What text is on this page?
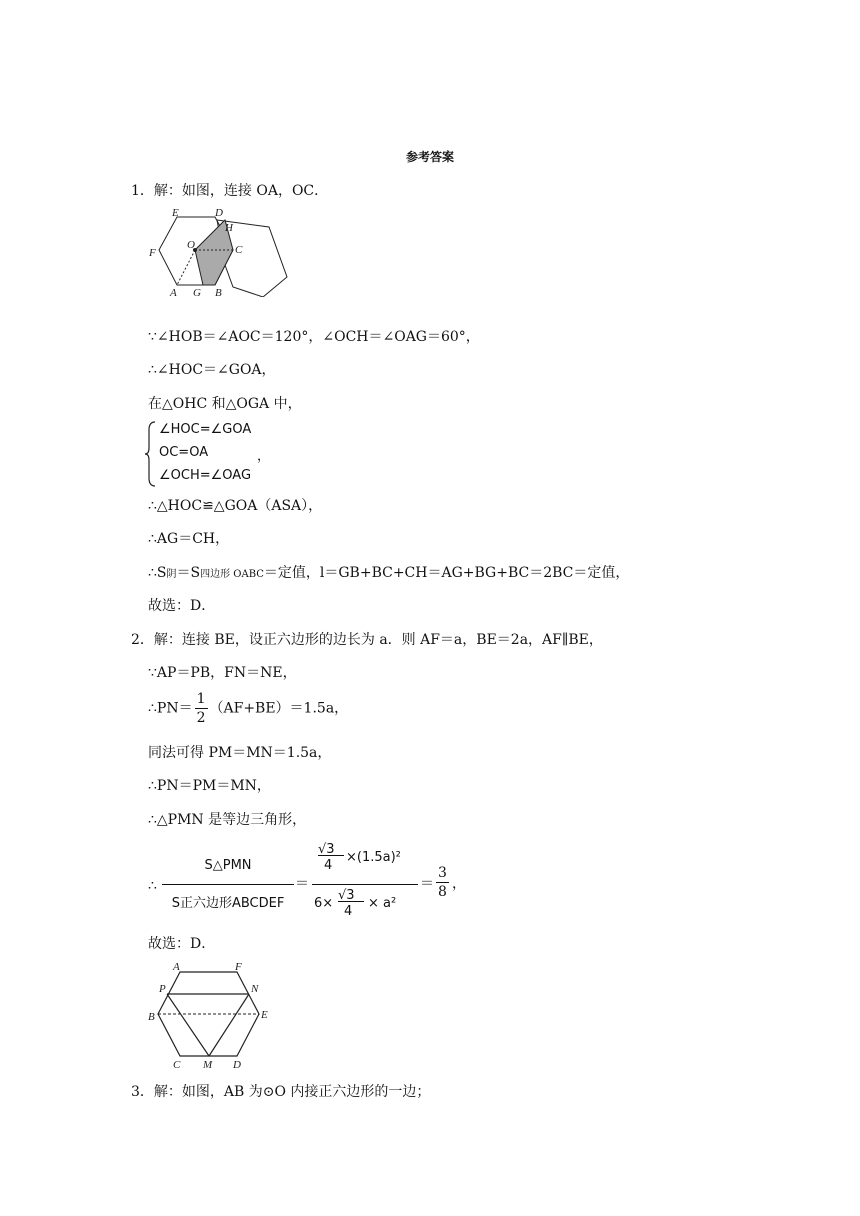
参考答案
1．解：如图，连接 OA，OC．
E	D
H
O	C
F
A G B
∵∠HOB＝∠AOC＝120°，∠OCH＝∠OAG＝60°，
∴∠HOC＝∠GOA，
在△OHC 和△OGA 中，
∠HOC=∠GOA
OC=OA
∠OCH=∠OAG
，
∴△HOC≌△GOA（ASA），
∴AG＝CH，
∴S阴＝S四边形 OABC＝定值，l＝GB+BC+CH＝AG+BG+BC＝2BC＝定值，
故选：D．
2．解：连接 BE，设正六边形的边长为 a．则 AF＝a，BE＝2a，AF∥BE，
∵AP＝PB，FN＝NE，
∴PN＝ $\frac{1}{2} (AF+BE)=1.5a$，
同法可得 PM＝MN＝1.5a，
∴PN＝PM＝MN，
∴△PMN 是等边三角形，
∴
S△PMN
S正六边形ABCDEF
＝
√3
4
×(1.5a)²
6×
√3
4
× a²
＝ $\frac{3}{8}$ ，
故选：D．
A	F
P	N
B	E
C M D
3．解：如图，AB 为⊙O 内接正六边形的一边；
